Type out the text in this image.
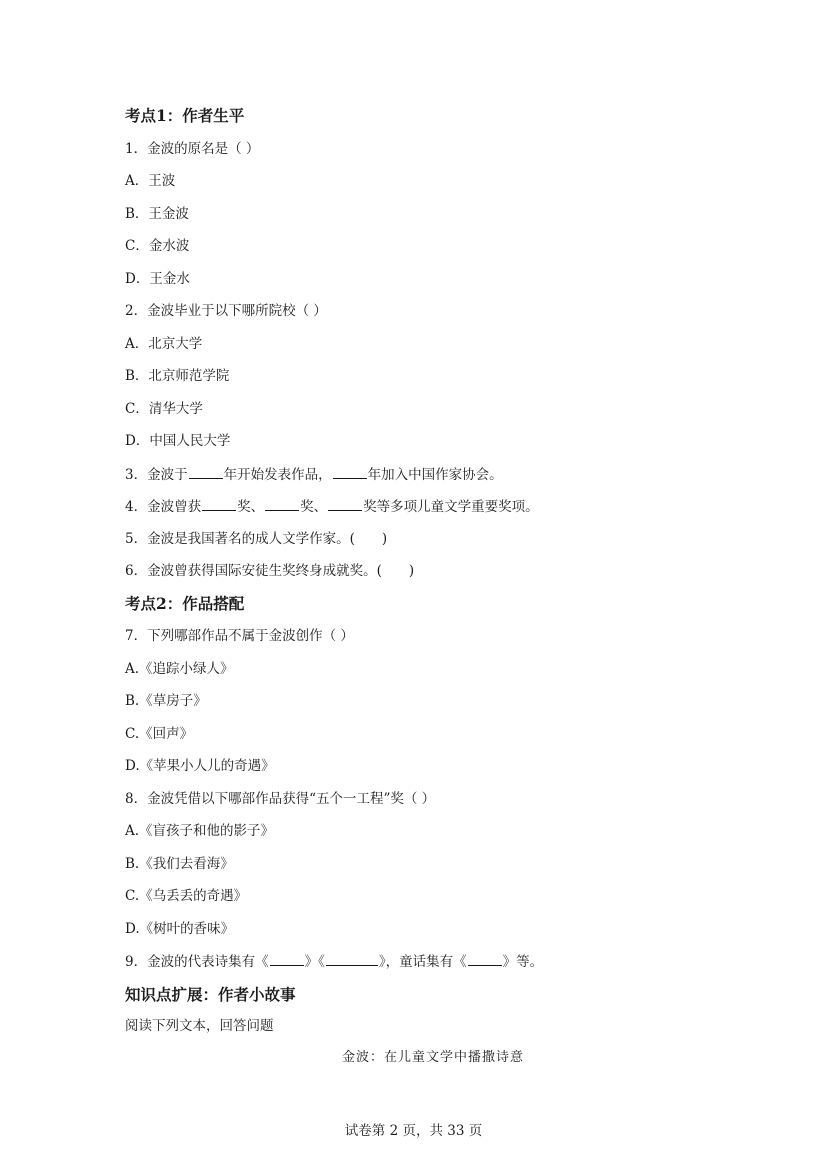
考点1：作者生平
1．金波的原名是（ ）
A．王波
B．王金波
C．金水波
D．王金水
2．金波毕业于以下哪所院校（ ）
A．北京大学
B．北京师范学院
C．清华大学
D．中国人民大学
3．金波于	年开始发表作品，	年加入中国作家协会。
4．金波曾获	奖、	奖、	奖等多项儿童文学重要奖项。
5．金波是我国著名的成人文学作家。(　　)
6．金波曾获得国际安徒生奖终身成就奖。(　　)
考点2：作品搭配
7．下列哪部作品不属于金波创作（ ）
A.《追踪小绿人》
B.《草房子》
C.《回声》
D.《苹果小人儿的奇遇》
8．金波凭借以下哪部作品获得“五个一工程”奖（ ）
A.《盲孩子和他的影子》
B.《我们去看海》
C.《乌丢丢的奇遇》
D.《树叶的香味》
9．金波的代表诗集有《	》《	》，童话集有《	》等。
知识点扩展：作者小故事
阅读下列文本，回答问题
金波：在儿童文学中播撒诗意
试卷第 2 页，共 33 页
